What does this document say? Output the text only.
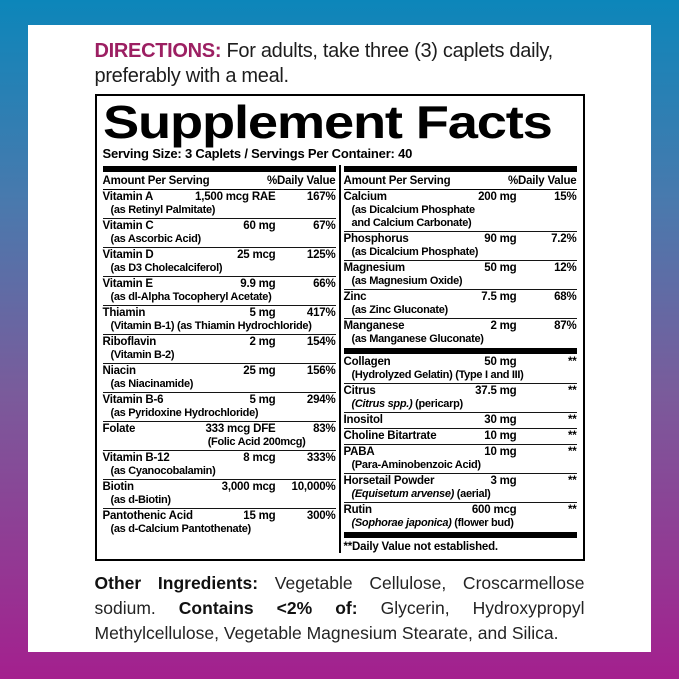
DIRECTIONS: For adults, take three (3) caplets daily, preferably with a meal.

Supplement Facts
Serving Size: 3 Caplets / Servings Per Container: 40
Amount Per Serving	%Daily Value
Vitamin A	1,500 mcg RAE	167%
(as Retinyl Palmitate)
Vitamin C	60 mg	67%
(as Ascorbic Acid)
Vitamin D	25 mcg	125%
(as D3 Cholecalciferol)
Vitamin E	9.9 mg	66%
(as dl-Alpha Tocopheryl Acetate)
Thiamin	5 mg	417%
(Vitamin B-1) (as Thiamin Hydrochloride)
Riboflavin	2 mg	154%
(Vitamin B-2)
Niacin	25 mg	156%
(as Niacinamide)
Vitamin B-6	5 mg	294%
(as Pyridoxine Hydrochloride)
Folate	333 mcg DFE	83%
(Folic Acid 200mcg)
Vitamin B-12	8 mcg	333%
(as Cyanocobalamin)
Biotin	3,000 mcg	10,000%
(as d-Biotin)
Pantothenic Acid	15 mg	300%
(as d-Calcium Pantothenate)
Amount Per Serving	%Daily Value
Calcium	200 mg	15%
(as Dicalcium Phosphate
and Calcium Carbonate)
Phosphorus	90 mg	7.2%
(as Dicalcium Phosphate)
Magnesium	50 mg	12%
(as Magnesium Oxide)
Zinc	7.5 mg	68%
(as Zinc Gluconate)
Manganese	2 mg	87%
(as Manganese Gluconate)
Collagen	50 mg	**
(Hydrolyzed Gelatin) (Type I and III)
Citrus	37.5 mg	**
(Citrus spp.) (pericarp)
Inositol	30 mg	**
Choline Bitartrate	10 mg	**
PABA	10 mg	**
(Para-Aminobenzoic Acid)
Horsetail Powder	3 mg	**
(Equisetum arvense) (aerial)
Rutin	600 mcg	**
(Sophorae japonica) (flower bud)
**Daily Value not established.

Other Ingredients: Vegetable Cellulose, Croscarmellose sodium. Contains <2% of: Glycerin, Hydroxypropyl Methylcellulose, Vegetable Magnesium Stearate, and Silica.
